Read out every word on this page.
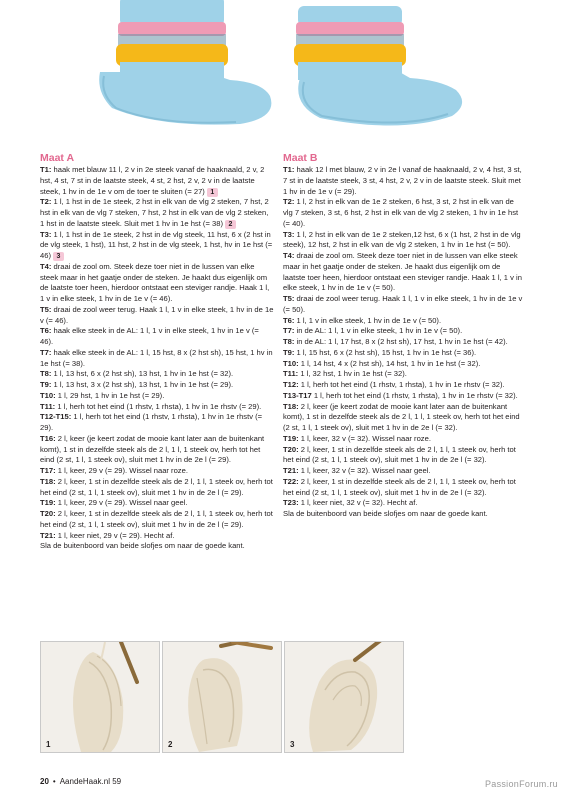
Maat A

T1: haak met blauw 11 l, 2 v in 2e steek vanaf de haaknaald, 2 v, 2 hst, 4 st, 7 st in de laatste steek, 4 st, 2 hst, 2 v, 2 v in de laatste steek, 1 hv in de 1e v om de toer te sluiten (= 27) 1

T2: 1 l, 1 hst in de 1e steek, 2 hst in elk van de vlg 2 steken, 7 hst, 2 hst in elk van de vlg 7 steken, 7 hst, 2 hst in elk van de vlg 2 steken, 1 hst in de laatste steek. Sluit met 1 hv in 1e hst (= 38) 2

T3: 1 l, 1 hst in de 1e steek, 2 hst in de vlg steek, 11 hst, 6 x (2 hst in de vlg steek, 1 hst), 11 hst, 2 hst in de vlg steek, 1 hst, hv in 1e hst (= 46) 3

T4: draai de zool om. Steek deze toer niet in de lussen van elke steek maar in het gaatje onder de steken. Je haakt dus eigenlijk om de laatste toer heen, hierdoor ontstaat een steviger randje. Haak 1 l, 1 v in elke steek, 1 hv in de 1e v (= 46).

T5: draai de zool weer terug. Haak 1 l, 1 v in elke steek, 1 hv in de 1e v (= 46).

T6: haak elke steek in de AL: 1 l, 1 v in elke steek, 1 hv in 1e v (= 46).

T7: haak elke steek in de AL: 1 l, 15 hst, 8 x (2 hst sh), 15 hst, 1 hv in 1e hst (= 38).

T8: 1 l, 13 hst, 6 x (2 hst sh), 13 hst, 1 hv in 1e hst (= 32).

T9: 1 l, 13 hst, 3 x (2 hst sh), 13 hst, 1 hv in 1e hst (= 29).

T10: 1 l, 29 hst, 1 hv in 1e hst (= 29).

T11: 1 l, herh tot het eind (1 rhstv, 1 rhsta), 1 hv in 1e rhstv (= 29).

T12-T15: 1 l, herh tot het eind (1 rhstv, 1 rhsta), 1 hv in 1e rhstv (= 29).

T16: 2 l, keer (je keert zodat de mooie kant later aan de buitenkant komt), 1 st in dezelfde steek als de 2 l, 1 l, 1 steek ov, herh tot het eind (2 st, 1 l, 1 steek ov), sluit met 1 hv in de 2e l (= 29).

T17: 1 l, keer, 29 v (= 29). Wissel naar roze.

T18: 2 l, keer, 1 st in dezelfde steek als de 2 l, 1 l, 1 steek ov, herh tot het eind (2 st, 1 l, 1 steek ov), sluit met 1 hv in de 2e l (= 29).

T19: 1 l, keer, 29 v (= 29). Wissel naar geel.

T20: 2 l, keer, 1 st in dezelfde steek als de 2 l, 1 l, 1 steek ov, herh tot het eind (2 st, 1 l, 1 steek ov), sluit met 1 hv in de 2e l (= 29).

T21: 1 l, keer niet, 29 v (= 29). Hecht af.

Sla de buitenboord van beide slofjes om naar de goede kant.

Maat B

T1: haak 12 l met blauw, 2 v in 2e l vanaf de haaknaald, 2 v, 4 hst, 3 st, 7 st in de laatste steek, 3 st, 4 hst, 2 v, 2 v in de laatste steek. Sluit met 1 hv in de 1e v (= 29).

T2: 1 l, 2 hst in elk van de 1e 2 steken, 6 hst, 3 st, 2 hst in elk van de vlg 7 steken, 3 st, 6 hst, 2 hst in elk van de vlg 2 steken, 1 hv in 1e hst (= 40).

T3: 1 l, 2 hst in elk van de 1e 2 steken,12 hst, 6 x (1 hst, 2 hst in de vlg steek), 12 hst, 2 hst in elk van de vlg 2 steken, 1 hv in 1e hst (= 50).

T4: draai de zool om. Steek deze toer niet in de lussen van elke steek maar in het gaatje onder de steken. Je haakt dus eigenlijk om de laatste toer heen, hierdoor ontstaat een steviger randje. Haak 1 l, 1 v in elke steek, 1 hv in de 1e v (= 50).

T5: draai de zool weer terug. Haak 1 l, 1 v in elke steek, 1 hv in de 1e v (= 50).

T6: 1 l, 1 v in elke steek, 1 hv in de 1e v (= 50).

T7: in de AL: 1 l, 1 v in elke steek, 1 hv in 1e v (= 50).

T8: in de AL: 1 l, 17 hst, 8 x (2 hst sh), 17 hst, 1 hv in 1e hst (= 42).

T9: 1 l, 15 hst, 6 x (2 hst sh), 15 hst, 1 hv in 1e hst (= 36).

T10: 1 l, 14 hst, 4 x (2 hst sh), 14 hst, 1 hv in 1e hst (= 32).

T11: 1 l, 32 hst, 1 hv in 1e hst (= 32).

T12: 1 l, herh tot het eind (1 rhstv, 1 rhsta), 1 hv in 1e rhstv (= 32).

T13-T17 1 l, herh tot het eind (1 rhstv, 1 rhsta), 1 hv in 1e rhstv (= 32).

T18: 2 l, keer (je keert zodat de mooie kant later aan de buitenkant komt), 1 st in dezelfde steek als de 2 l, 1 l, 1 steek ov, herh tot het eind (2 st, 1 l, 1 steek ov), sluit met 1 hv in de 2e l (= 32).

T19: 1 l, keer, 32 v (= 32). Wissel naar roze.

T20: 2 l, keer, 1 st in dezelfde steek als de 2 l, 1 l, 1 steek ov, herh tot het eind (2 st, 1 l, 1 steek ov), sluit met 1 hv in de 2e l (= 32).

T21: 1 l, keer, 32 v (= 32). Wissel naar geel.

T22: 2 l, keer, 1 st in dezelfde steek als de 2 l, 1 l, 1 steek ov, herh tot het eind (2 st, 1 l, 1 steek ov), sluit met 1 hv in de 2e l (= 32).

T23: 1 l, keer niet, 32 v (= 32). Hecht af.

Sla de buitenboord van beide slofjes om naar de goede kant.

1	2	3
20 • AandeHaak.nl 59	PassionForum.ru
